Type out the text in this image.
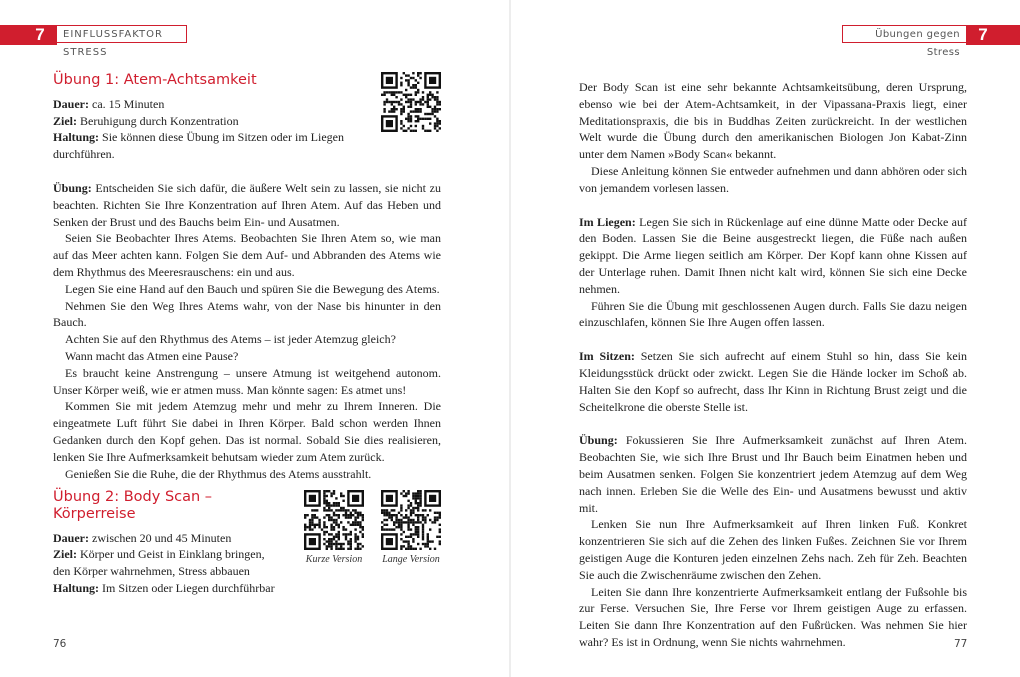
7	EINFLUSSFAKTOR STRESS
Übungen gegen Stress
7
Übung 1: Atem-Achtsamkeit

Dauer: ca. 15 Minuten

Ziel: Beruhigung durch Konzentration

Haltung: Sie können diese Übung im Sitzen oder im Liegen durchführen.

Übung: Entscheiden Sie sich dafür, die äußere Welt sein zu lassen, sie nicht zu beachten. Richten Sie Ihre Konzentration auf Ihren Atem. Auf das Heben und Senken der Brust und des Bauchs beim Ein- und Ausatmen.

Seien Sie Beobachter Ihres Atems. Beobachten Sie Ihren Atem so, wie man auf das Meer achten kann. Folgen Sie dem Auf- und Abbranden des Atems wie dem Rhythmus des Meeresrauschens: ein und aus.

Legen Sie eine Hand auf den Bauch und spüren Sie die Bewegung des Atems.

Nehmen Sie den Weg Ihres Atems wahr, von der Nase bis hinunter in den Bauch.

Achten Sie auf den Rhythmus des Atems – ist jeder Atemzug gleich?

Wann macht das Atmen eine Pause?

Es braucht keine Anstrengung – unsere Atmung ist weitgehend autonom. Unser Körper weiß, wie er atmen muss. Man könnte sagen: Es atmet uns!

Kommen Sie mit jedem Atemzug mehr und mehr zu Ihrem Inneren. Die eingeatmete Luft führt Sie dabei in Ihren Körper. Bald schon werden Ihnen Gedanken durch den Kopf gehen. Das ist normal. Sobald Sie dies realisieren, lenken Sie Ihre Aufmerksamkeit behutsam wieder zum Atem zurück.

Genießen Sie die Ruhe, die der Rhythmus des Atems ausstrahlt.

Übung 2: Body Scan – Körperreise

Dauer: zwischen 20 und 45 Minuten

Ziel: Körper und Geist in Einklang bringen, den Körper wahrnehmen, Stress abbauen

Haltung: Im Sitzen oder Liegen durchführbar

Kurze Version	Lange Version
76

Der Body Scan ist eine sehr bekannte Achtsamkeitsübung, deren Ursprung, ebenso wie bei der Atem-Achtsamkeit, in der Vipassana-Praxis liegt, einer Meditationspraxis, die bis in Buddhas Zeiten zurückreicht. In der westlichen Welt wurde die Übung durch den amerikanischen Biologen Jon Kabat-Zinn unter dem Namen »Body Scan« bekannt.

Diese Anleitung können Sie entweder aufnehmen und dann abhören oder sich von jemandem vorlesen lassen.

Im Liegen: Legen Sie sich in Rückenlage auf eine dünne Matte oder Decke auf den Boden. Lassen Sie die Beine ausgestreckt liegen, die Füße nach außen gekippt. Die Arme liegen seitlich am Körper. Der Kopf kann ohne Kissen auf der Unterlage ruhen. Damit Ihnen nicht kalt wird, können Sie sich eine Decke nehmen.

Führen Sie die Übung mit geschlossenen Augen durch. Falls Sie dazu neigen einzuschlafen, können Sie Ihre Augen offen lassen.

Im Sitzen: Setzen Sie sich aufrecht auf einem Stuhl so hin, dass Sie kein Kleidungsstück drückt oder zwickt. Legen Sie die Hände locker im Schoß ab. Halten Sie den Kopf so aufrecht, dass Ihr Kinn in Richtung Brust zeigt und die Scheitelkrone die oberste Stelle ist.

Übung: Fokussieren Sie Ihre Aufmerksamkeit zunächst auf Ihren Atem. Beobachten Sie, wie sich Ihre Brust und Ihr Bauch beim Einatmen heben und beim Ausatmen senken. Folgen Sie konzentriert jedem Atemzug auf dem Weg nach innen. Erleben Sie die Welle des Ein- und Ausatmens bewusst und aktiv mit.

Lenken Sie nun Ihre Aufmerksamkeit auf Ihren linken Fuß. Konkret konzentrieren Sie sich auf die Zehen des linken Fußes. Zeichnen Sie vor Ihrem geistigen Auge die Konturen jeden einzelnen Zehs nach. Zeh für Zeh. Beachten Sie auch die Zwischenräume zwischen den Zehen.

Leiten Sie dann Ihre konzentrierte Aufmerksamkeit entlang der Fußsohle bis zur Ferse. Versuchen Sie, Ihre Ferse vor Ihrem geistigen Auge zu erfassen. Leiten Sie dann Ihre Konzentration auf den Fußrücken. Was nehmen Sie hier wahr? Es ist in Ordnung, wenn Sie nichts wahrnehmen.	77
